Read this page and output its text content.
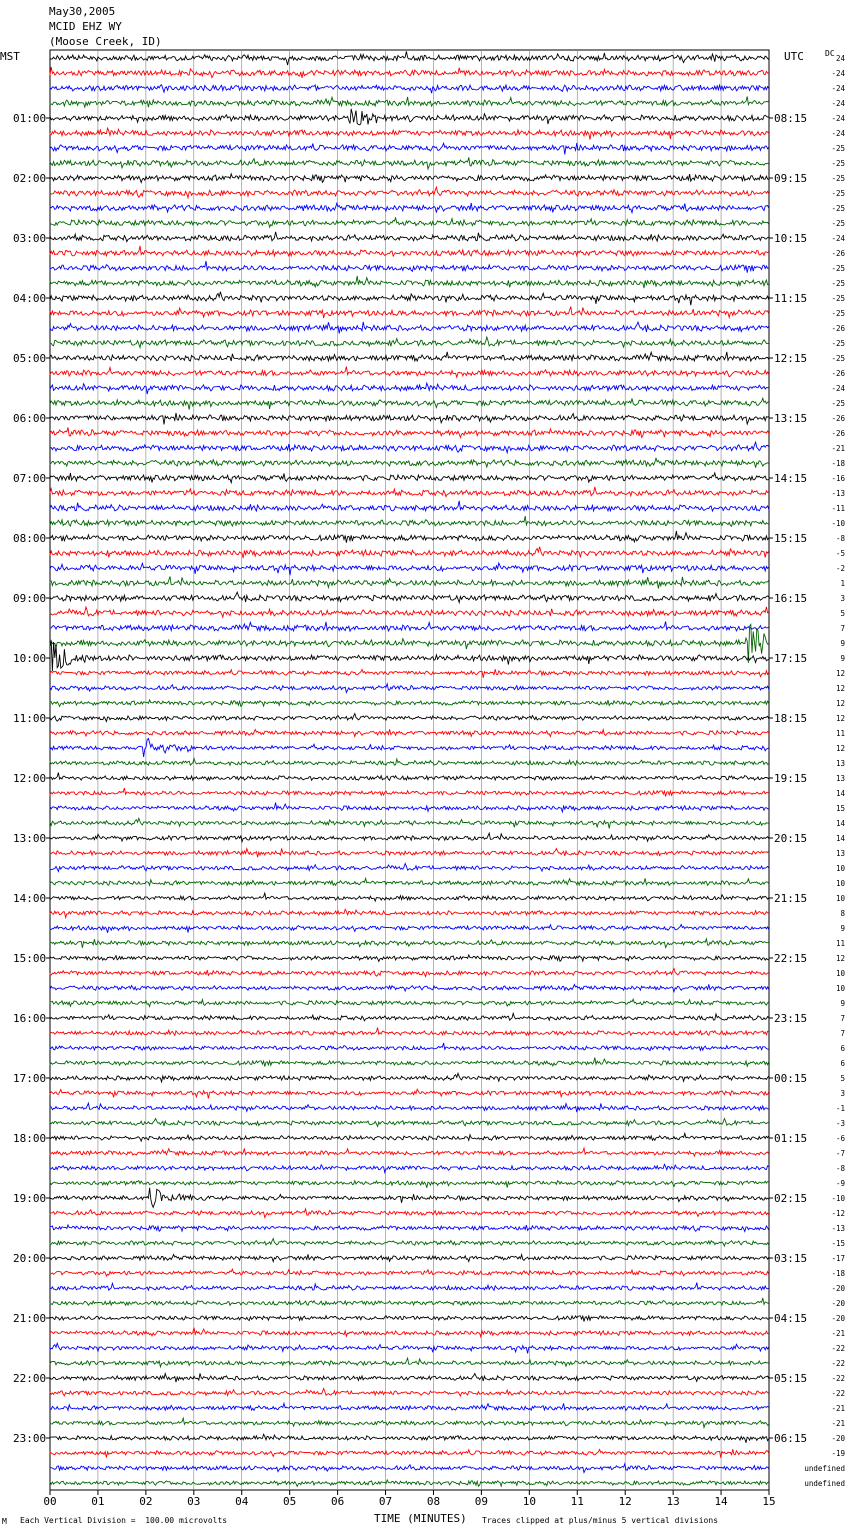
May30,2005
MCID EHZ WY
(Moose Creek, ID)
MST	UTC	DC
00	01	02	03	04	05	06	07	08	09	10	11	12	13	14	15
24
-24
-24
-24
-24
-24
-25
-25
-25
-25
-25
-25
-24
-26
-25
-25
-25
-25
-26
-25
-25
-26
-24
-25
-26
-26
-21
-18
-16
-13
-11
-10
-8
-5
-2
1
3
5
7
9
9
12
12
12
12
11
12
13
13
14
15
14
14
13
10
10
10
8
9
11
12
10
10
9
7
7
6
6
5
3
-1
-3
-6
-7
-8
-9
-10
-12
-13
-15
-17
-18
-20
-20
-20
-21
-22
-22
-22
-22
-21
-21
-20
-19
undefined
undefined
01:00
02:00
03:00
04:00
05:00
06:00
07:00
08:00
09:00
10:00
11:00
12:00
13:00
14:00
15:00
16:00
17:00
18:00
19:00
20:00
21:00
22:00
23:00
08:15
09:15
10:15
11:15
12:15
13:15
14:15
15:15
16:15
17:15
18:15
19:15
20:15
21:15
22:15
23:15
00:15
01:15
02:15
03:15
04:15
05:15
06:15
M Each Vertical Division =  100.00 microvolts	TIME (MINUTES) Traces clipped at plus/minus 5 vertical divisions
